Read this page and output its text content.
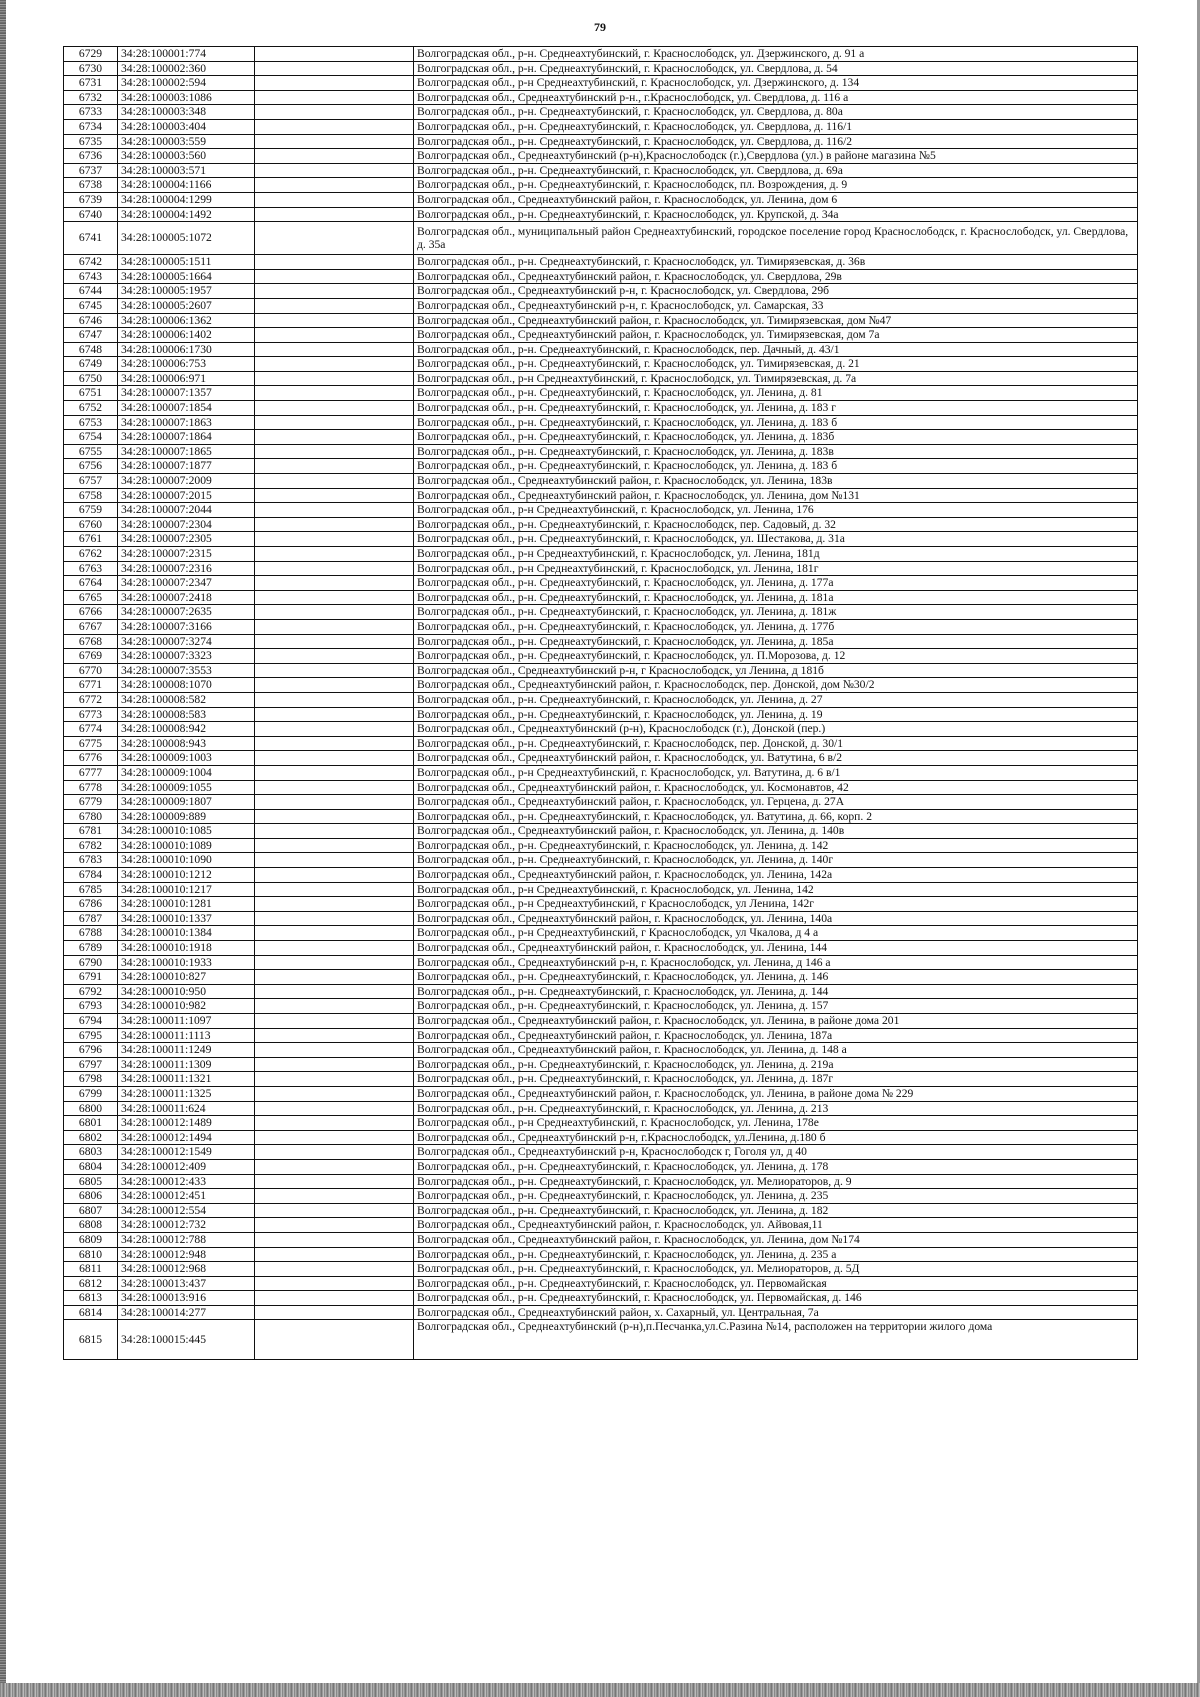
79
6729	34:28:100001:774		Волгоградская обл., р-н. Среднеахтубинский, г. Краснослободск, ул. Дзержинского, д. 91 а
6730	34:28:100002:360		Волгоградская обл., р-н. Среднеахтубинский, г. Краснослободск, ул. Свердлова, д. 54
6731	34:28:100002:594		Волгоградская обл., р-н Среднеахтубинский, г. Краснослободск, ул. Дзержинского, д. 134
6732	34:28:100003:1086		Волгоградская обл., Среднеахтубинский р-н., г.Краснослободск, ул. Свердлова, д. 116 а
6733	34:28:100003:348		Волгоградская обл., р-н. Среднеахтубинский, г. Краснослободск, ул. Свердлова, д. 80а
6734	34:28:100003:404		Волгоградская обл., р-н. Среднеахтубинский, г. Краснослободск, ул. Свердлова, д. 116/1
6735	34:28:100003:559		Волгоградская обл., р-н. Среднеахтубинский, г. Краснослободск, ул. Свердлова, д. 116/2
6736	34:28:100003:560		Волгоградская обл., Среднеахтубинский (р-н),Краснослободск (г.),Свердлова (ул.) в районе магазина №5
6737	34:28:100003:571		Волгоградская обл., р-н. Среднеахтубинский, г. Краснослободск, ул. Свердлова, д. 69а
6738	34:28:100004:1166		Волгоградская обл., р-н. Среднеахтубинский, г. Краснослободск, пл. Возрождения, д. 9
6739	34:28:100004:1299		Волгоградская обл., Среднеахтубинский район, г. Краснослободск, ул. Ленина, дом 6
6740	34:28:100004:1492		Волгоградская обл., р-н. Среднеахтубинский, г. Краснослободск, ул. Крупской, д. 34а
6741	34:28:100005:1072		Волгоградская обл., муниципальный район Среднеахтубинский, городское поселение город Краснослободск, г. Краснослободск, ул. Свердлова, д. 35а
6742	34:28:100005:1511		Волгоградская обл., р-н. Среднеахтубинский, г. Краснослободск, ул. Тимирязевская, д. 36в
6743	34:28:100005:1664		Волгоградская обл., Среднеахтубинский район, г. Краснослободск, ул. Свердлова, 29в
6744	34:28:100005:1957		Волгоградская обл., Среднеахтубинский р-н, г. Краснослободск, ул. Свердлова, 29б
6745	34:28:100005:2607		Волгоградская обл., Среднеахтубинский р-н, г. Краснослободск, ул. Самарская, 33
6746	34:28:100006:1362		Волгоградская обл., Среднеахтубинский район, г. Краснослободск, ул. Тимирязевская, дом №47
6747	34:28:100006:1402		Волгоградская обл., Среднеахтубинский район, г. Краснослободск, ул. Тимирязевская, дом 7а
6748	34:28:100006:1730		Волгоградская обл., р-н. Среднеахтубинский, г. Краснослободск, пер. Дачный, д. 43/1
6749	34:28:100006:753		Волгоградская обл., р-н. Среднеахтубинский, г. Краснослободск, ул. Тимирязевская, д. 21
6750	34:28:100006:971		Волгоградская обл., р-н Среднеахтубинский, г. Краснослободск, ул. Тимирязевская, д. 7а
6751	34:28:100007:1357		Волгоградская обл., р-н. Среднеахтубинский, г. Краснослободск, ул. Ленина, д. 81
6752	34:28:100007:1854		Волгоградская обл., р-н. Среднеахтубинский, г. Краснослободск, ул. Ленина, д. 183 г
6753	34:28:100007:1863		Волгоградская обл., р-н. Среднеахтубинский, г. Краснослободск, ул. Ленина, д. 183 б
6754	34:28:100007:1864		Волгоградская обл., р-н. Среднеахтубинский, г. Краснослободск, ул. Ленина, д. 183б
6755	34:28:100007:1865		Волгоградская обл., р-н. Среднеахтубинский, г. Краснослободск, ул. Ленина, д. 183в
6756	34:28:100007:1877		Волгоградская обл., р-н. Среднеахтубинский, г. Краснослободск, ул. Ленина, д. 183 б
6757	34:28:100007:2009		Волгоградская обл., Среднеахтубинский район, г. Краснослободск, ул. Ленина, 183в
6758	34:28:100007:2015		Волгоградская обл., Среднеахтубинский район, г. Краснослободск, ул. Ленина, дом №131
6759	34:28:100007:2044		Волгоградская обл., р-н Среднеахтубинский, г. Краснослободск, ул. Ленина, 176
6760	34:28:100007:2304		Волгоградская обл., р-н. Среднеахтубинский, г. Краснослободск, пер. Садовый, д. 32
6761	34:28:100007:2305		Волгоградская обл., р-н. Среднеахтубинский, г. Краснослободск, ул. Шестакова, д. 31а
6762	34:28:100007:2315		Волгоградская обл., р-н Среднеахтубинский, г. Краснослободск, ул. Ленина, 181д
6763	34:28:100007:2316		Волгоградская обл., р-н Среднеахтубинский, г. Краснослободск, ул. Ленина, 181г
6764	34:28:100007:2347		Волгоградская обл., р-н. Среднеахтубинский, г. Краснослободск, ул. Ленина, д. 177а
6765	34:28:100007:2418		Волгоградская обл., р-н. Среднеахтубинский, г. Краснослободск, ул. Ленина, д. 181а
6766	34:28:100007:2635		Волгоградская обл., р-н. Среднеахтубинский, г. Краснослободск, ул. Ленина, д. 181ж
6767	34:28:100007:3166		Волгоградская обл., р-н. Среднеахтубинский, г. Краснослободск, ул. Ленина, д. 177б
6768	34:28:100007:3274		Волгоградская обл., р-н. Среднеахтубинский, г. Краснослободск, ул. Ленина, д. 185а
6769	34:28:100007:3323		Волгоградская обл., р-н. Среднеахтубинский, г. Краснослободск, ул. П.Морозова, д. 12
6770	34:28:100007:3553		Волгоградская обл., Среднеахтубинский р-н, г Краснослободск, ул Ленина, д 181б
6771	34:28:100008:1070		Волгоградская обл., Среднеахтубинский район, г. Краснослободск, пер. Донской, дом №30/2
6772	34:28:100008:582		Волгоградская обл., р-н. Среднеахтубинский, г. Краснослободск, ул. Ленина, д. 27
6773	34:28:100008:583		Волгоградская обл., р-н. Среднеахтубинский, г. Краснослободск, ул. Ленина, д. 19
6774	34:28:100008:942		Волгоградская обл., Среднеахтубинский (р-н), Краснослободск (г.), Донской (пер.)
6775	34:28:100008:943		Волгоградская обл., р-н. Среднеахтубинский, г. Краснослободск, пер. Донской, д. 30/1
6776	34:28:100009:1003		Волгоградская обл., Среднеахтубинский район, г. Краснослободск, ул. Ватутина, 6 в/2
6777	34:28:100009:1004		Волгоградская обл., р-н Среднеахтубинский, г. Краснослободск, ул. Ватутина, д. 6 в/1
6778	34:28:100009:1055		Волгоградская обл., Среднеахтубинский район, г. Краснослободск, ул. Космонавтов, 42
6779	34:28:100009:1807		Волгоградская обл., Среднеахтубинский район, г. Краснослободск, ул. Герцена, д. 27А
6780	34:28:100009:889		Волгоградская обл., р-н. Среднеахтубинский, г. Краснослободск, ул. Ватутина, д. 66, корп. 2
6781	34:28:100010:1085		Волгоградская обл., Среднеахтубинский район, г. Краснослободск, ул. Ленина, д. 140в
6782	34:28:100010:1089		Волгоградская обл., р-н. Среднеахтубинский, г. Краснослободск, ул. Ленина, д. 142
6783	34:28:100010:1090		Волгоградская обл., р-н. Среднеахтубинский, г. Краснослободск, ул. Ленина, д. 140г
6784	34:28:100010:1212		Волгоградская обл., Среднеахтубинский район, г. Краснослободск, ул. Ленина, 142а
6785	34:28:100010:1217		Волгоградская обл., р-н Среднеахтубинский, г. Краснослободск, ул. Ленина, 142
6786	34:28:100010:1281		Волгоградская обл., р-н Среднеахтубинский, г Краснослободск, ул Ленина, 142г
6787	34:28:100010:1337		Волгоградская обл., Среднеахтубинский район, г. Краснослободск, ул. Ленина, 140а
6788	34:28:100010:1384		Волгоградская обл., р-н Среднеахтубинский, г Краснослободск, ул Чкалова, д 4 а
6789	34:28:100010:1918		Волгоградская обл., Среднеахтубинский район, г. Краснослободск, ул. Ленина, 144
6790	34:28:100010:1933		Волгоградская обл., Среднеахтубинский р-н, г. Краснослободск, ул. Ленина, д 146 а
6791	34:28:100010:827		Волгоградская обл., р-н. Среднеахтубинский, г. Краснослободск, ул. Ленина, д. 146
6792	34:28:100010:950		Волгоградская обл., р-н. Среднеахтубинский, г. Краснослободск, ул. Ленина, д. 144
6793	34:28:100010:982		Волгоградская обл., р-н. Среднеахтубинский, г. Краснослободск, ул. Ленина, д. 157
6794	34:28:100011:1097		Волгоградская обл., Среднеахтубинский район, г. Краснослободск, ул. Ленина, в районе дома 201
6795	34:28:100011:1113		Волгоградская обл., Среднеахтубинский район, г. Краснослободск, ул. Ленина, 187а
6796	34:28:100011:1249		Волгоградская обл., Среднеахтубинский район, г. Краснослободск, ул. Ленина, д. 148 а
6797	34:28:100011:1309		Волгоградская обл., р-н. Среднеахтубинский, г. Краснослободск, ул. Ленина, д. 219а
6798	34:28:100011:1321		Волгоградская обл., р-н. Среднеахтубинский, г. Краснослободск, ул. Ленина, д. 187г
6799	34:28:100011:1325		Волгоградская обл., Среднеахтубинский район, г. Краснослободск, ул. Ленина, в районе дома № 229
6800	34:28:100011:624		Волгоградская обл., р-н. Среднеахтубинский, г. Краснослободск, ул. Ленина, д. 213
6801	34:28:100012:1489		Волгоградская обл., р-н Среднеахтубинский, г. Краснослободск, ул. Ленина, 178е
6802	34:28:100012:1494		Волгоградская обл., Среднеахтубинский р-н, г.Краснослободск, ул.Ленина, д.180 б
6803	34:28:100012:1549		Волгоградская обл., Среднеахтубинский р-н, Краснослободск г, Гоголя ул, д 40
6804	34:28:100012:409		Волгоградская обл., р-н. Среднеахтубинский, г. Краснослободск, ул. Ленина, д. 178
6805	34:28:100012:433		Волгоградская обл., р-н. Среднеахтубинский, г. Краснослободск, ул. Мелиораторов, д. 9
6806	34:28:100012:451		Волгоградская обл., р-н. Среднеахтубинский, г. Краснослободск, ул. Ленина, д. 235
6807	34:28:100012:554		Волгоградская обл., р-н. Среднеахтубинский, г. Краснослободск, ул. Ленина, д. 182
6808	34:28:100012:732		Волгоградская обл., Среднеахтубинский район, г. Краснослободск, ул. Айвовая,11
6809	34:28:100012:788		Волгоградская обл., Среднеахтубинский район, г. Краснослободск, ул. Ленина, дом №174
6810	34:28:100012:948		Волгоградская обл., р-н. Среднеахтубинский, г. Краснослободск, ул. Ленина, д. 235 а
6811	34:28:100012:968		Волгоградская обл., р-н. Среднеахтубинский, г. Краснослободск, ул. Мелиораторов, д. 5Д
6812	34:28:100013:437		Волгоградская обл., р-н. Среднеахтубинский, г. Краснослободск, ул. Первомайская
6813	34:28:100013:916		Волгоградская обл., р-н. Среднеахтубинский, г. Краснослободск, ул. Первомайская, д. 146
6814	34:28:100014:277		Волгоградская обл., Среднеахтубинский район, х. Сахарный, ул. Центральная, 7а
6815	34:28:100015:445		Волгоградская обл., Среднеахтубинский (р-н),п.Песчанка,ул.С.Разина №14, расположен на территории жилого дома
